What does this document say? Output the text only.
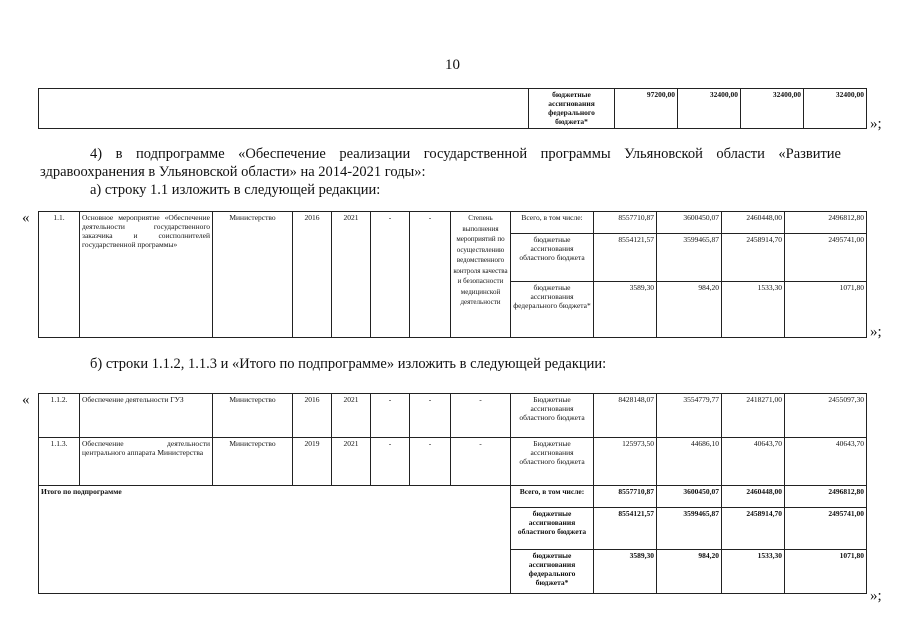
10

бюджетные
ассигнования
федерального
бюджета*
	97200,00	32400,00	32400,00	32400,00
»;
4) в подпрограмме «Обеспечение реализации государственной программы Ульяновской области «Развитие
здравоохранения в Ульяновской области» на 2014-2021 годы»:
а) строку 1.1 изложить в следующей редакции:
«	1.1.	Основное мероприятие «Обеспечение деятельности государственного заказчика и соисполнителей государственной программы»	Министерство	2016	2021	-	-	Степень выполнения мероприятий по осуществлению ведомственного контроля качества и безопасности медицинской деятельности	Всего, в том числе:	8557710,87	3600450,07	2460448,00	2496812,80
								бюджетные ассигнования областного бюджета	8554121,57	3599465,87	2458914,70	2495741,00
								бюджетные ассигнования федерального бюджета*	3589,30	984,20	1533,30	1071,80
»;
б) строки 1.1.2, 1.1.3 и «Итого по подпрограмме» изложить в следующей редакции:
«	1.1.2.	Обеспечение деятельности ГУЗ	Министерство	2016	2021	-	-	-	Бюджетные ассигнования областного бюджета	8428148,07	3554779,77	2418271,00	2455097,30
1.1.3.	Обеспечение деятельности центрального аппарата Министерства	Министерство	2019	2021	-	-	-	Бюджетные ассигнования областного бюджета	125973,50	44686,10	40643,70	40643,70
Итого по подпрограмме								Всего, в том числе:	8557710,87	3600450,07	2460448,00	2496812,80
								бюджетные ассигнования областного бюджета	8554121,57	3599465,87	2458914,70	2495741,00
								бюджетные ассигнования федерального бюджета*	3589,30	984,20	1533,30	1071,80
»;
